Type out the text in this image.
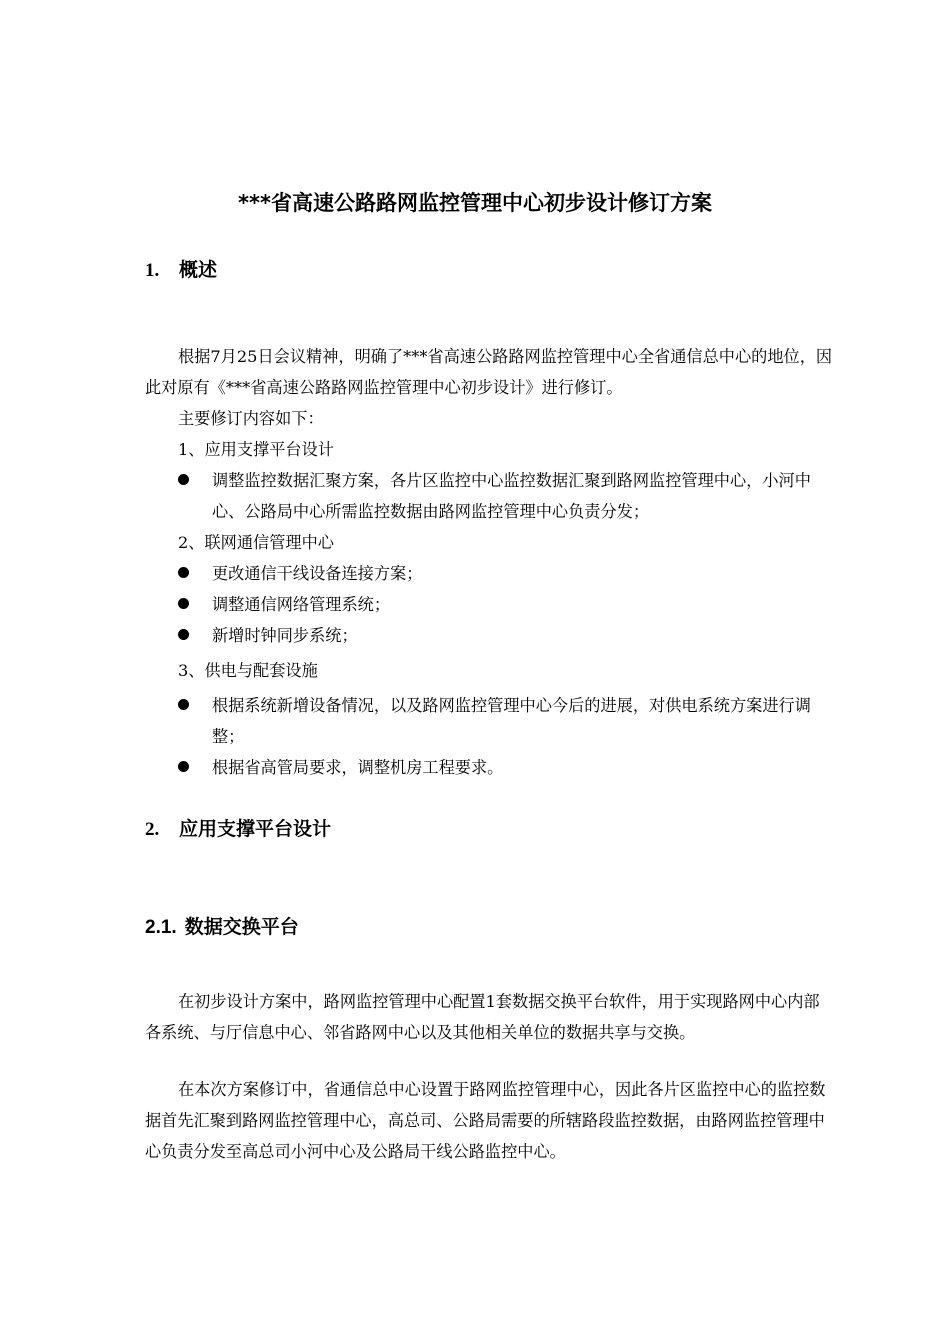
***省高速公路路网监控管理中心初步设计修订方案
1. 概述
根据7月25日会议精神，明确了***省高速公路路网监控管理中心全省通信总中心的地位，因此对原有《***省高速公路路网监控管理中心初步设计》进行修订。
主要修订内容如下：
1、应用支撑平台设计
调整监控数据汇聚方案，各片区监控中心监控数据汇聚到路网监控管理中心，小河中心、公路局中心所需监控数据由路网监控管理中心负责分发；
2、联网通信管理中心
更改通信干线设备连接方案；
调整通信网络管理系统；
新增时钟同步系统；
3、供电与配套设施
根据系统新增设备情况，以及路网监控管理中心今后的进展，对供电系统方案进行调整；
根据省高管局要求，调整机房工程要求。
2. 应用支撑平台设计
2.1. 数据交换平台
在初步设计方案中，路网监控管理中心配置1套数据交换平台软件，用于实现路网中心内部各系统、与厅信息中心、邻省路网中心以及其他相关单位的数据共享与交换。
在本次方案修订中，省通信总中心设置于路网监控管理中心，因此各片区监控中心的监控数据首先汇聚到路网监控管理中心，高总司、公路局需要的所辖路段监控数据，由路网监控管理中心负责分发至高总司小河中心及公路局干线公路监控中心。
